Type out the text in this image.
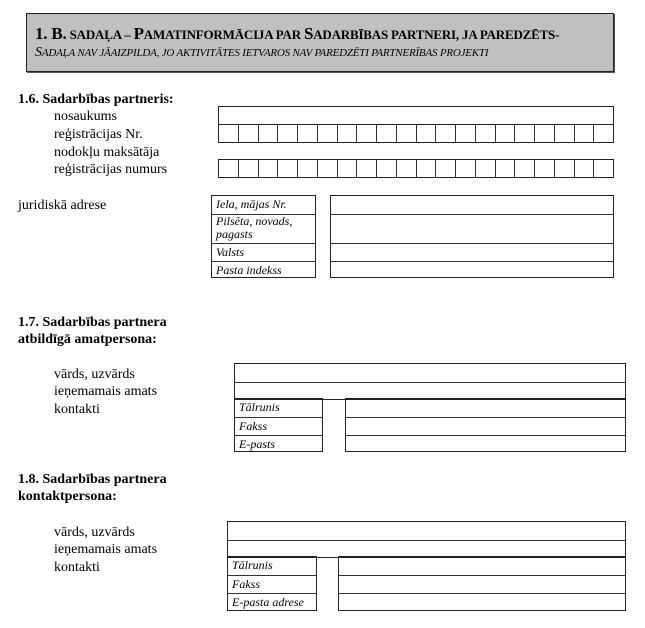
1. B. SADAĻA – PAMATINFORMĀCIJA PAR SADARBĪBAS PARTNERI, JA PAREDZĒTS-
SADAĻA NAV JĀAIZPILDA, JO AKTIVITĀTES IETVAROS NAV PAREDZĒTI PARTNERĪBAS PROJEKTI
1.6. Sadarbības partneris:
nosaukums
reģistrācijas Nr.
nodokļu maksātāja
reģistrācijas numurs
juridiskā adrese	Iela, mājas Nr.
Pilsēta, novads, pagasts
Valsts
Pasta indekss
1.7. Sadarbības partnera
atbildīgā amatpersona:
vārds, uzvārds
ieņemamais amats
kontakti	Tālrunis
Fakss
E-pasts
1.8. Sadarbības partnera
kontaktpersona:
vārds, uzvārds
ieņemamais amats
kontakti	Tālrunis
Fakss
E-pasta adrese
